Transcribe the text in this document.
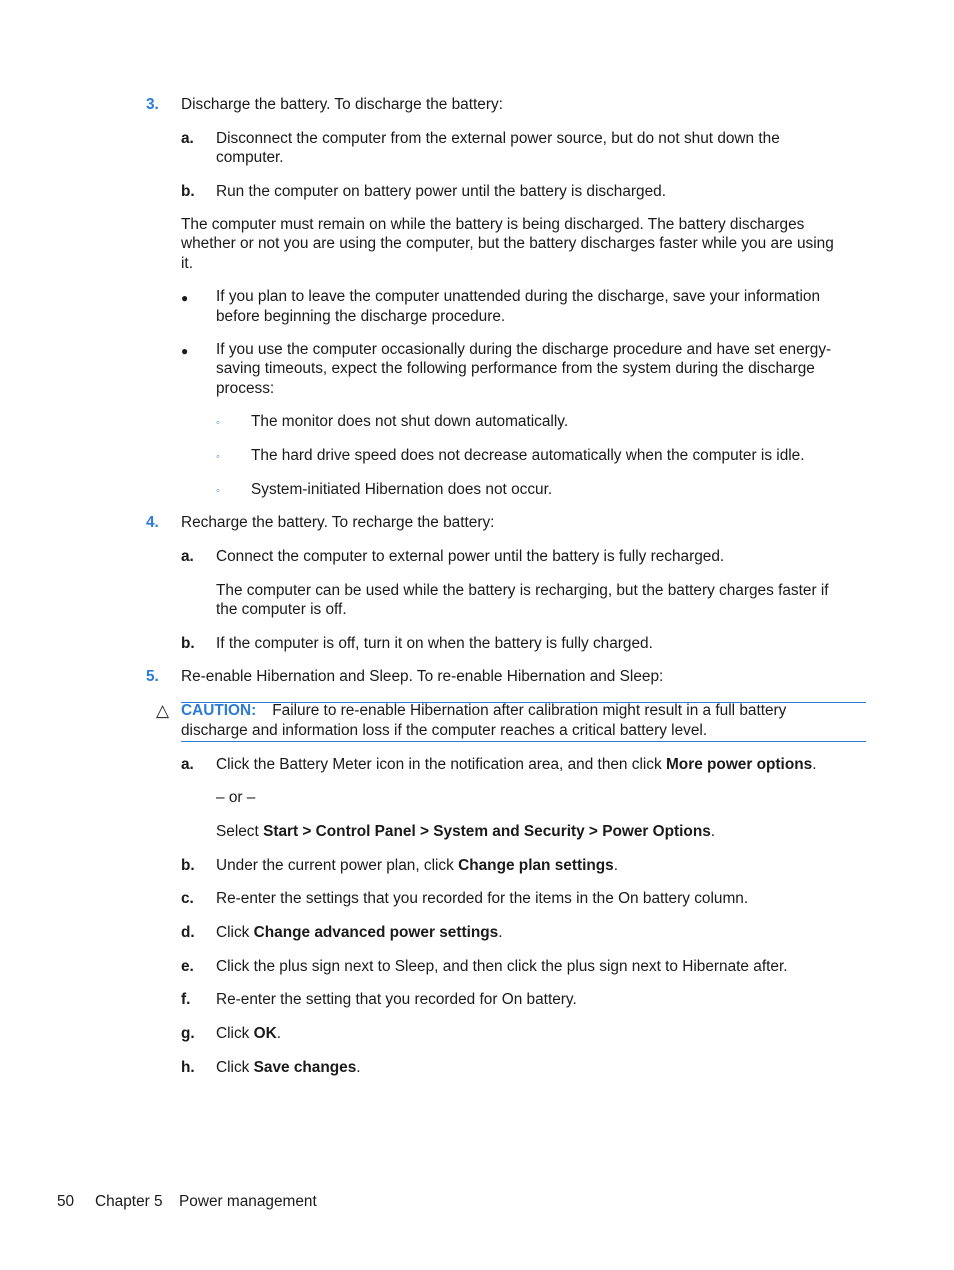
3. Discharge the battery. To discharge the battery:
a. Disconnect the computer from the external power source, but do not shut down the
computer.
b. Run the computer on battery power until the battery is discharged.
The computer must remain on while the battery is being discharged. The battery discharges
whether or not you are using the computer, but the battery discharges faster while you are using
it.
● If you plan to leave the computer unattended during the discharge, save your information
before beginning the discharge procedure.
● If you use the computer occasionally during the discharge procedure and have set energy-
saving timeouts, expect the following performance from the system during the discharge
process:
◦ The monitor does not shut down automatically.
◦ The hard drive speed does not decrease automatically when the computer is idle.
◦ System-initiated Hibernation does not occur.
4. Recharge the battery. To recharge the battery:
a. Connect the computer to external power until the battery is fully recharged.
The computer can be used while the battery is recharging, but the battery charges faster if
the computer is off.
b. If the computer is off, turn it on when the battery is fully charged.
5. Re-enable Hibernation and Sleep. To re-enable Hibernation and Sleep:
△ CAUTION: Failure to re-enable Hibernation after calibration might result in a full battery
discharge and information loss if the computer reaches a critical battery level.
a. Click the Battery Meter icon in the notification area, and then click More power options.
– or –
Select Start > Control Panel > System and Security > Power Options.
b. Under the current power plan, click Change plan settings.
c. Re-enter the settings that you recorded for the items in the On battery column.
d. Click Change advanced power settings.
e. Click the plus sign next to Sleep, and then click the plus sign next to Hibernate after.
f. Re-enter the setting that you recorded for On battery.
g. Click OK.
h. Click Save changes.
50 Chapter 5 Power management
